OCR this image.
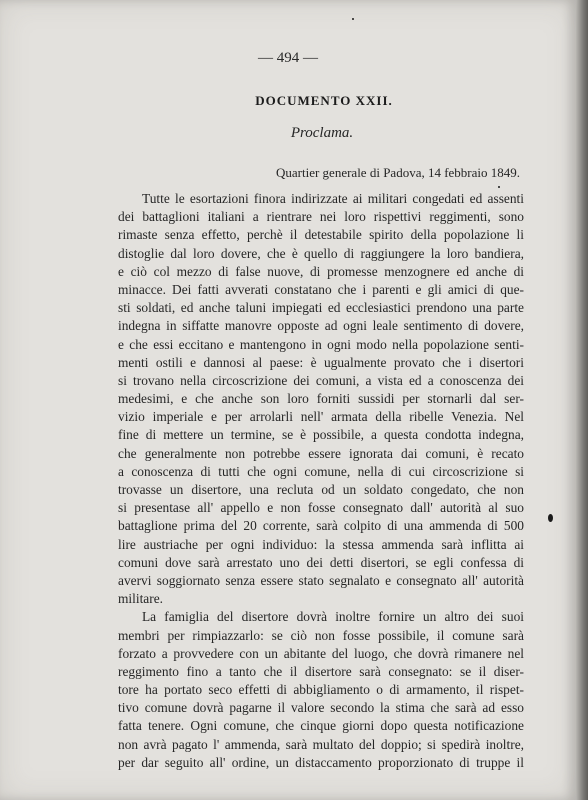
— 494 —
DOCUMENTO XXII.
Proclama.
Quartier generale di Padova, 14 febbraio 1849.
Tutte le esortazioni finora indirizzate ai militari congedati ed assenti
dei battaglioni italiani a rientrare nei loro rispettivi reggimenti, sono
rimaste senza effetto, perchè il detestabile spirito della popolazione li
distoglie dal loro dovere, che è quello di raggiungere la loro bandiera,
e ciò col mezzo di false nuove, di promesse menzognere ed anche di
minacce. Dei fatti avverati constatano che i parenti e gli amici di que-
sti soldati, ed anche taluni impiegati ed ecclesiastici prendono una parte
indegna in siffatte manovre opposte ad ogni leale sentimento di dovere,
e che essi eccitano e mantengono in ogni modo nella popolazione senti-
menti ostili e dannosi al paese: è ugualmente provato che i disertori
si trovano nella circoscrizione dei comuni, a vista ed a conoscenza dei
medesimi, e che anche son loro forniti sussidi per stornarli dal ser-
vizio imperiale e per arrolarli nell' armata della ribelle Venezia. Nel
fine di mettere un termine, se è possibile, a questa condotta indegna,
che generalmente non potrebbe essere ignorata dai comuni, è recato
a conoscenza di tutti che ogni comune, nella di cui circoscrizione si
trovasse un disertore, una recluta od un soldato congedato, che non
si presentase all' appello e non fosse consegnato dall' autorità al suo
battaglione prima del 20 corrente, sarà colpito di una ammenda di 500
lire austriache per ogni individuo: la stessa ammenda sarà inflitta ai
comuni dove sarà arrestato uno dei detti disertori, se egli confessa di
avervi soggiornato senza essere stato segnalato e consegnato all' autorità
militare.
La famiglia del disertore dovrà inoltre fornire un altro dei suoi
membri per rimpiazzarlo: se ciò non fosse possibile, il comune sarà
forzato a provvedere con un abitante del luogo, che dovrà rimanere nel
reggimento fino a tanto che il disertore sarà consegnato: se il diser-
tore ha portato seco effetti di abbigliamento o di armamento, il rispet-
tivo comune dovrà pagarne il valore secondo la stima che sarà ad esso
fatta tenere. Ogni comune, che cinque giorni dopo questa notificazione
non avrà pagato l' ammenda, sarà multato del doppio; si spedirà inoltre,
per dar seguito all' ordine, un distaccamento proporzionato di truppe il
